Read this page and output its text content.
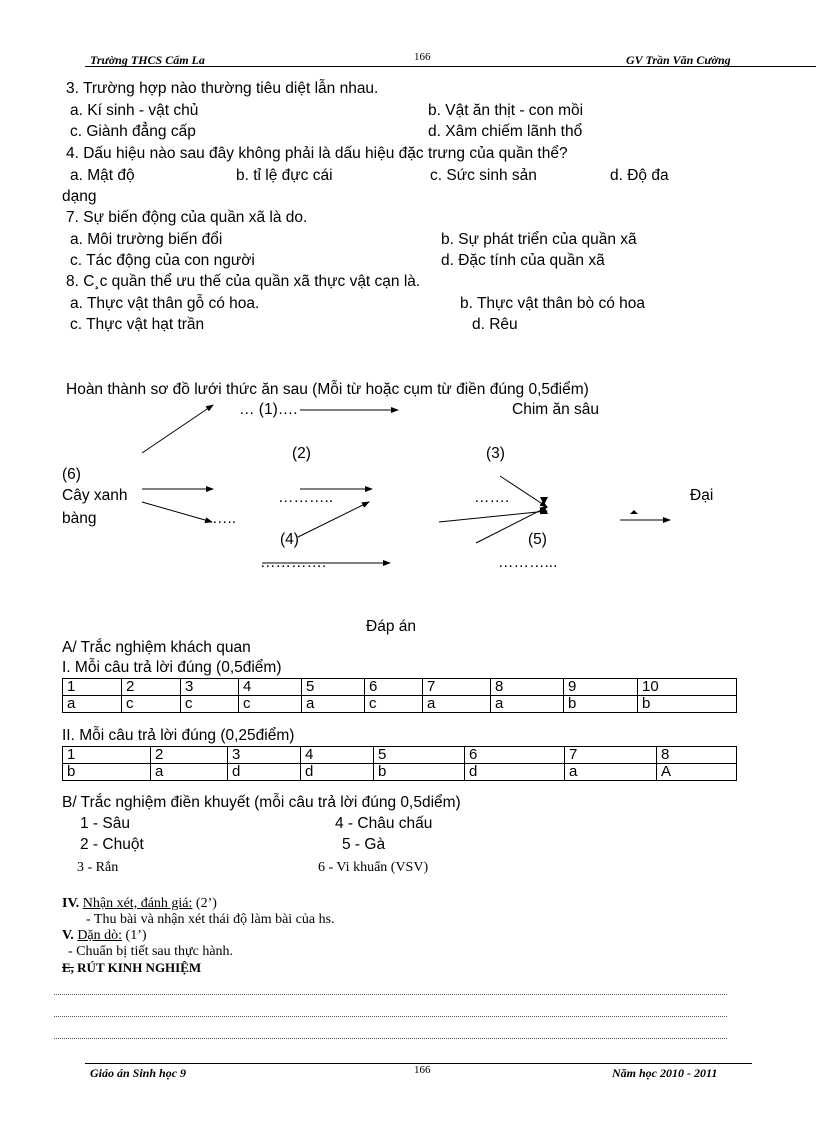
Trường THCS Cẩm La	166	GV Trần Văn Cường
3. Trường hợp nào thường tiêu diệt lẫn nhau.
a. Kí sinh - vật chủ	b. Vật ăn thịt - con mồi
c. Giành đẳng cấp	d. Xâm chiếm lãnh thổ
4. Dấu hiệu nào sau đây không phải là dấu hiệu đặc trưng của quần thể?
a. Mật độ	b. tỉ lệ đực cái	c. Sức sinh sản	d. Độ đa
dạng
7. Sự biến động của quần xã là do.
a. Môi trường biến đổi	b. Sự phát triển của quần xã
c. Tác động của con người	d. Đặc tính của quần xã
8. C¸c quần thể ưu thế của quần xã thực vật cạn là.
a. Thực vật thân gỗ có hoa.	b. Thực vật thân bò có hoa
c. Thực vật hạt trần	d. Rêu
Hoàn thành sơ đồ lưới thức ăn sau (Mỗi từ hoặc cụm từ điền đúng 0,5điểm)
… (1)….	Chim ăn sâu
(2)	(3)
(6)
Cây xanh
bàng
………..	…….
…..
Đại
(4)	(5)
………….	………...
Đáp án
A/ Trắc nghiệm khách quan
I. Mỗi câu trả lời đúng (0,5điểm)
1	2	3	4	5	6	7	8	9	10
a	c	c	c	a	c	a	a	b	b
II. Mỗi câu trả lời đúng (0,25điểm)
1	2	3	4	5	6	7	8
b	a	d	d	b	d	a	A
B/ Trắc nghiệm điền khuyết (mỗi câu trả lời đúng 0,5diểm)
1 - Sâu	4 - Châu chấu
2 - Chuột	5 - Gà
3 - Rắn	6 - Vi khuẩn (VSV)
IV. Nhận xét, đánh giá: (2’)
- Thu bài và nhận xét thái độ làm bài của hs.
V. Dặn dò: (1’)
- Chuẩn bị tiết sau thực hành.
E, RÚT KINH NGHIỆM
Giáo án Sinh học 9	166	Năm học 2010 - 2011
